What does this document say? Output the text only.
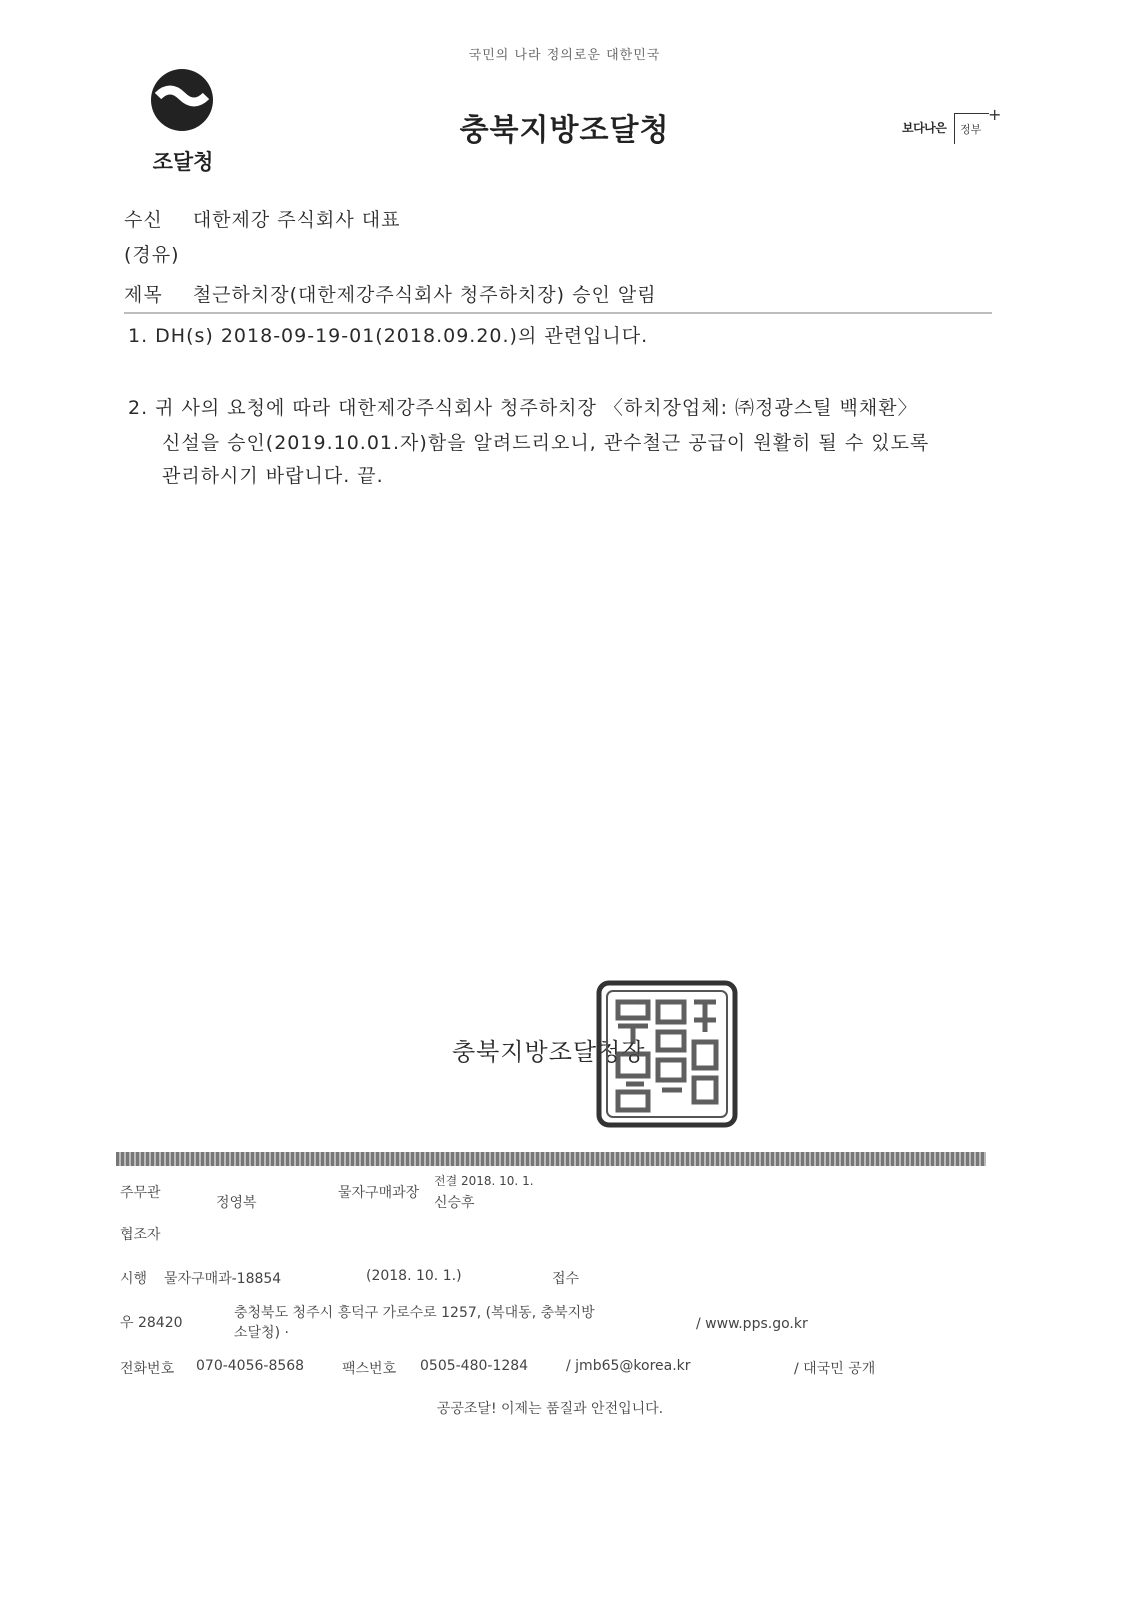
국민의 나라 정의로운 대한민국
조달청
충북지방조달청	보다나은 정부
+
수신 대한제강 주식회사 대표
(경유)
제목 철근하치장(대한제강주식회사 청주하치장) 승인 알림
1. DH(s) 2018-09-19-01(2018.09.20.)의 관련입니다.
2. 귀 사의 요청에 따라 대한제강주식회사 청주하치장 〈하치장업체: ㈜정광스틸 백채환〉
신설을 승인(2019.10.01.자)함을 알려드리오니, 관수철근 공급이 원활히 될 수 있도록
관리하시기 바랍니다. 끝.
충북지방조달청장
주무관
정영복
물자구매과장
전결 2018. 10. 1.
신승후
협조자
시행 물자구매과-18854	(2018. 10. 1.)	접수
우 28420
충청북도 청주시 흥덕구 가로수로 1257, (복대동, 충북지방
소달청) ·
/ www.pps.go.kr
전화번호 070-4056-8568	팩스번호 0505-480-1284	/ jmb65@korea.kr	/ 대국민 공개
공공조달! 이제는 품질과 안전입니다.
